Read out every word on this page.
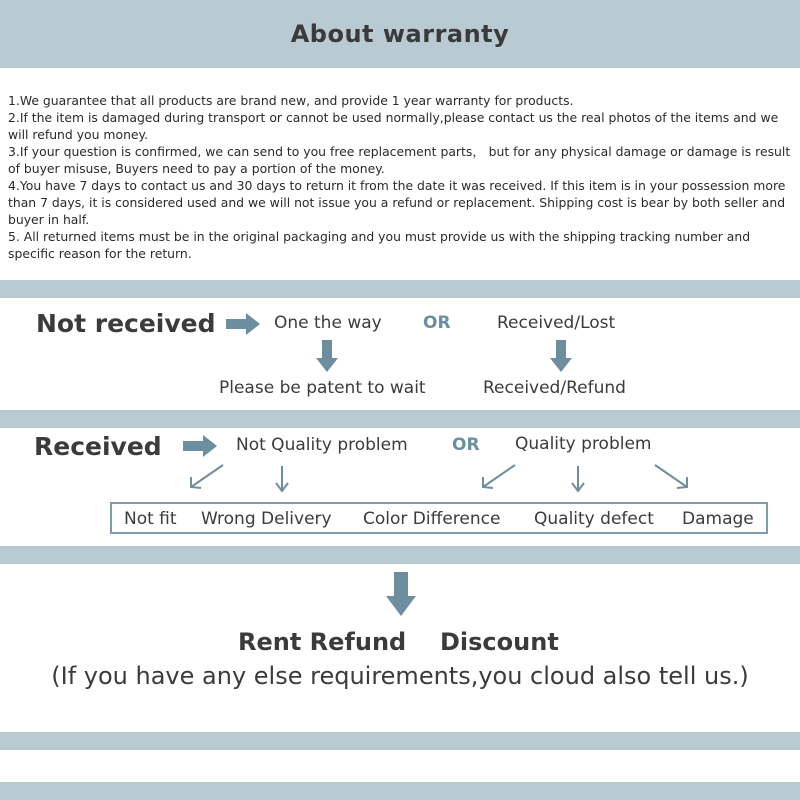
About warranty

1.We guarantee that all products are brand new, and provide 1 year warranty for products.

2.If the item is damaged during transport or cannot be used normally,please contact us the real photos of the items and we will refund you money.

3.If your question is confirmed, we can send to you free replacement parts， but for any physical damage or damage is result of buyer misuse, Buyers need to pay a portion of the money.

4.You have 7 days to contact us and 30 days to return it from the date it was received. If this item is in your possession more than 7 days, it is considered used and we will not issue you a refund or replacement. Shipping cost is bear by both seller and buyer in half.

5. All returned items must be in the original packaging and you must provide us with the shipping tracking number and specific reason for the return.

Not received	One the way OR	Received/Lost
Please be patent to wait	Received/Refund
Received	Not Quality problem	OR Quality problem
Not fit Wrong Delivery Color Difference Quality defect Damage
Rent Refund Discount
(If you have any else requirements,you cloud also tell us.)
